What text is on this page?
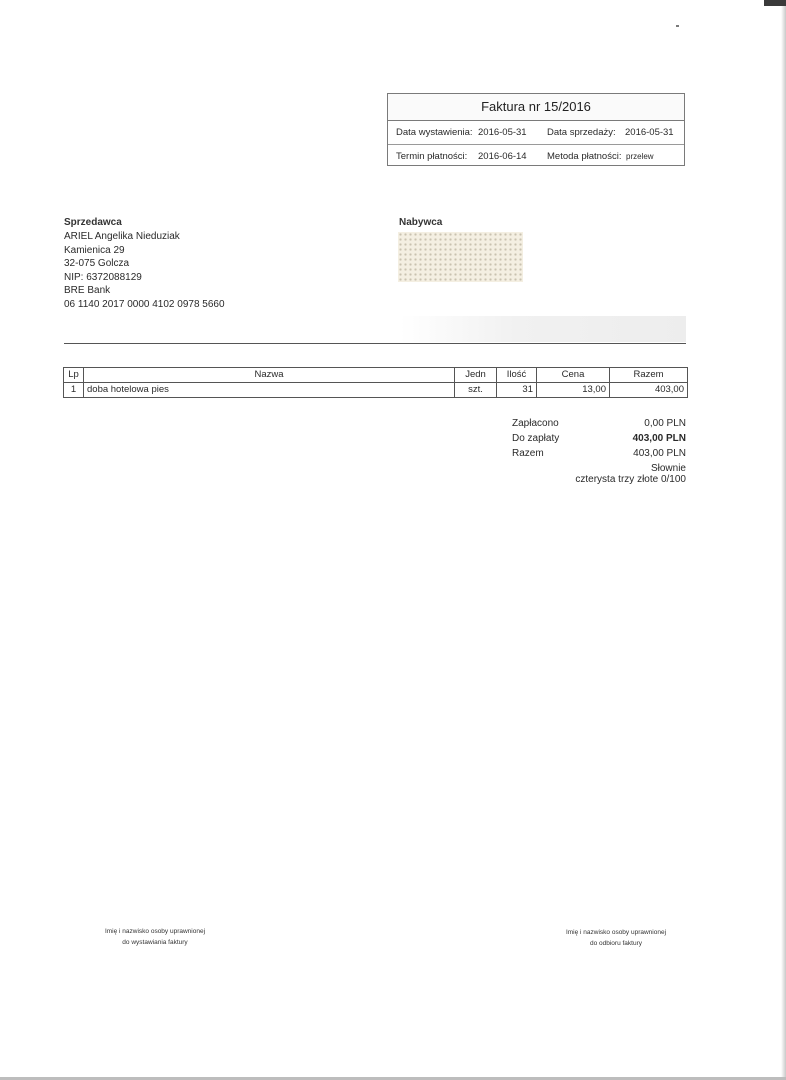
Faktura nr 15/2016
Data wystawienia: 2016-05-31 Data sprzedaży: 2016-05-31
Termin płatności: 2016-06-14 Metoda płatności: przelew
Sprzedawca
ARIEL Angelika Nieduziak
Kamienica 29
32-075 Golcza
NIP: 6372088129
BRE Bank
06 1140 2017 0000 4102 0978 5660
Nabywca
Lp	Nazwa	Jedn	Ilość	Cena	Razem
1	doba hotelowa pies	szt.	31	13,00	403,00
Zapłacono	0,00 PLN
Do zapłaty	403,00 PLN
Razem	403,00 PLN
Słownie
czterysta trzy złote 0/100
Imię i nazwisko osoby uprawnionej
do wystawiania faktury
Imię i nazwisko osoby uprawnionej
do odbioru faktury
